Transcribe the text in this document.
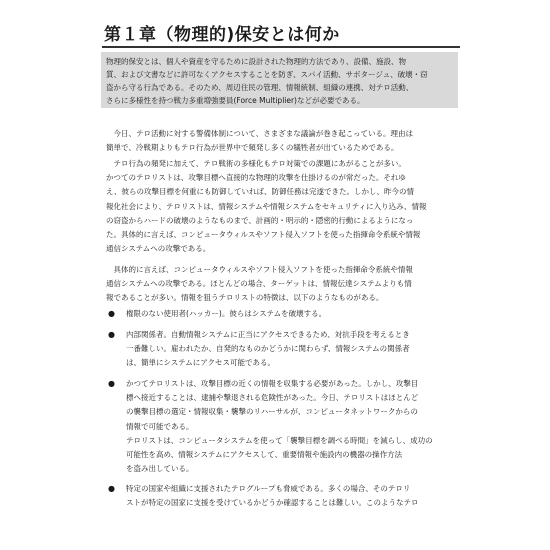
第１章（物理的)保安とは何か
物理的保安とは、個人や資産を守るために設計された物理的方法であり、設備、施設、物
質、および文書などに許可なくアクセスすることを防ぎ、スパイ活動、サボタージュ、破壊・窃
盗から守る行為である。そのため、周辺住民の管理、情報統制、組織の連携、対テロ活動、
さらに多様性を持つ戦力多重増強要員(Force Multiplier)などが必要である。
　今日、テロ活動に対する警備体制について、さまざまな議論が巻き起こっている。理由は
簡単で、冷戦期よりもテロ行為が世界中で頻発し多くの犠牲者が出ているためである。
　テロ行為の頻発に加えて、テロ戦術の多様化もテロ対策での課題にあがることが多い。
かつてのテロリストは、攻撃目標へ直接的な物理的攻撃を仕掛けるのが常だった。それゆ
え、彼らの攻撃目標を何重にも防御していれば、防御任務は完遂できた。しかし、昨今の情
報化社会により、テロリストは、情報システムや情報システムをセキュリティに入り込み、情報
の窃盗からハードの破壊のようなものまで、計画的・明示的・隠密的行動によるようになっ
た。具体的に言えば、コンピュータウィルスやソフト侵入ソフトを使った指揮命令系統や情報
通信システムへの攻撃である。
　具体的に言えば、コンピュータウィルスやソフト侵入ソフトを使った指揮命令系統や情報
通信システムへの攻撃である。ほとんどの場合、ターゲットは、情報伝達システムよりも情
報であることが多い。情報を狙うテロリストの特徴は、以下のようなものがある。
● 権限のない使用者(ハッカー)。彼らはシステムを破壊する。
● 内部関係者。自動情報システムに正当にアクセスできるため、対抗手段を考えるとき
一番難しい。雇われたか、自発的なものかどうかに関わらず、情報システムの関係者
は、簡単にシステムにアクセス可能である。
● かつてテロリストは、攻撃目標の近くの情報を収集する必要があった。しかし、攻撃目
標へ接近することは、逮捕や撃退される危険性があった。今日、テロリストはほとんど
の襲撃目標の選定・情報収集・襲撃のリハーサルが、コンピュータネットワークからの
情報で可能である。
テロリストは、コンピュータシステムを使って「襲撃目標を調べる時間」を減らし、成功の
可能性を高め、情報システムにアクセスして、重要情報や施設内の機器の操作方法
を盗み出している。
● 特定の国家や組織に支援されたテログループも脅威である。多くの場合、そのテロリ
ストが特定の国家に支援を受けているかどうか確認することは難しい。このようなテロ
